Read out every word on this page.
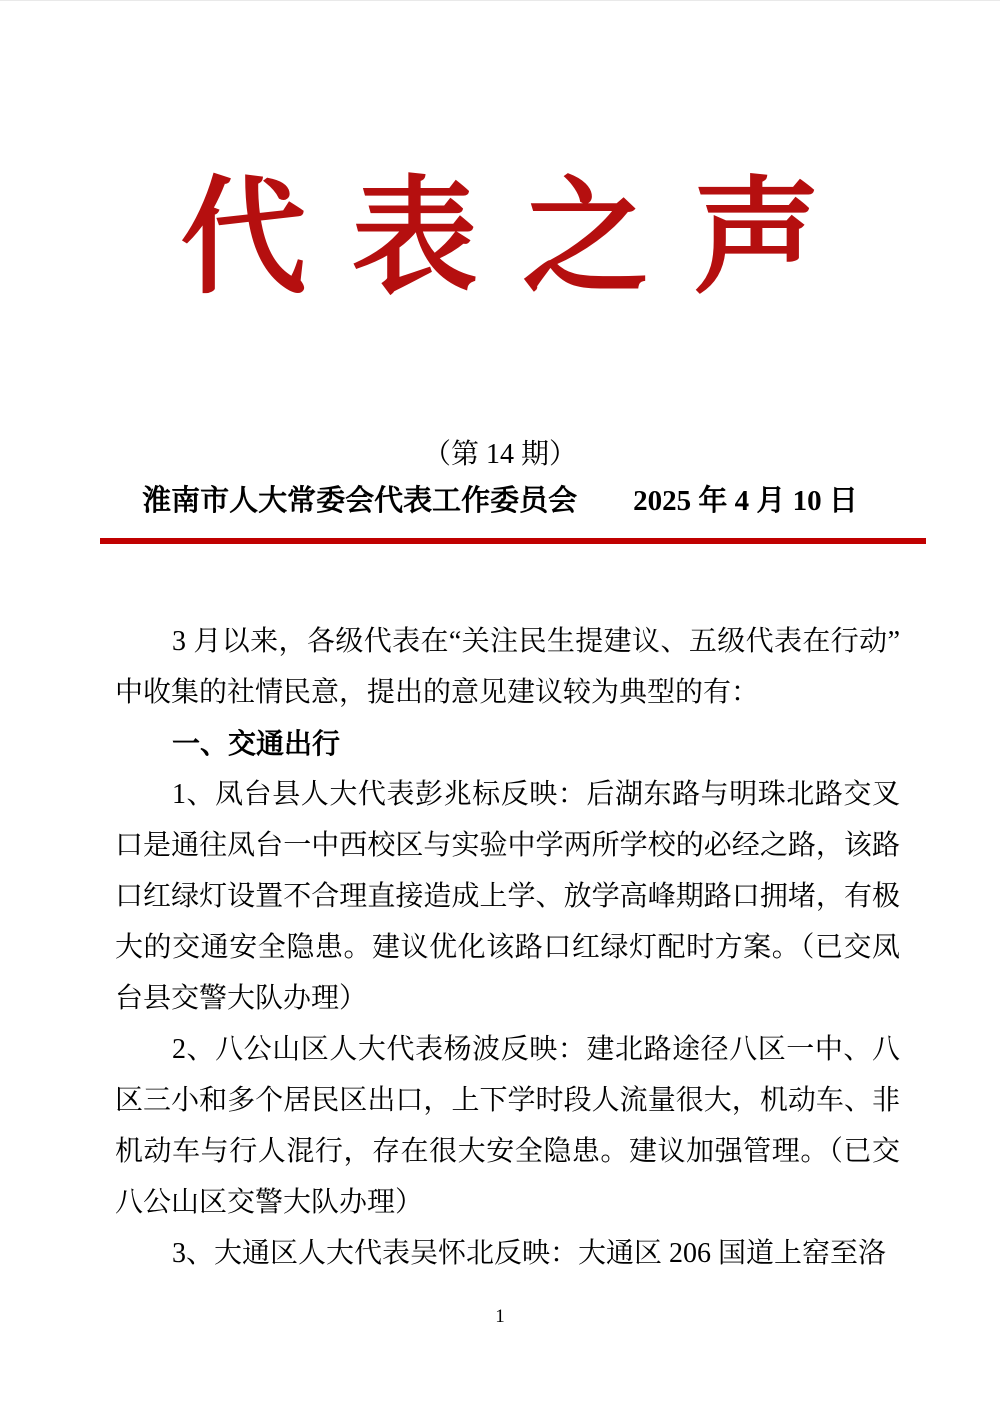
代表之声
（第 14 期）
淮南市人大常委会代表工作委员会 2025 年 4 月 10 日

3 月以来，各级代表在“关注民生提建议、五级代表在行动”中收集的社情民意，提出的意见建议较为典型的有：

一、交通出行

1、凤台县人大代表彭兆标反映：后湖东路与明珠北路交叉口是通往凤台一中西校区与实验中学两所学校的必经之路，该路口红绿灯设置不合理直接造成上学、放学高峰期路口拥堵，有极大的交通安全隐患。建议优化该路口红绿灯配时方案。（已交凤台县交警大队办理）

2、八公山区人大代表杨波反映：建北路途径八区一中、八区三小和多个居民区出口，上下学时段人流量很大，机动车、非机动车与行人混行，存在很大安全隐患。建议加强管理。（已交八公山区交警大队办理）

3、大通区人大代表吴怀北反映：大通区 206 国道上窑至洛

1
